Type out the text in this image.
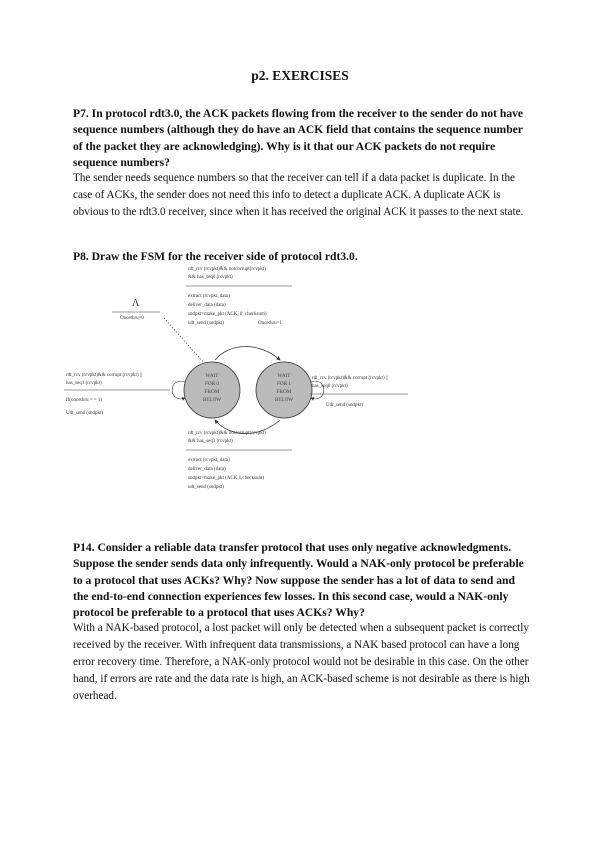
p2. EXERCISES

P7. In protocol rdt3.0, the ACK packets flowing from the receiver to the sender do not have sequence numbers (although they do have an ACK field that contains the sequence number of the packet they are acknowledging). Why is it that our ACK packets do not require sequence numbers?

The sender needs sequence numbers so that the receiver can tell if a data packet is duplicate. In the case of ACKs, the sender does not need this info to detect a duplicate ACK. A duplicate ACK is obvious to the rdt3.0 receiver, since when it has received the original ACK it passes to the next state.

P8. Draw the FSM for the receiver side of protocol rdt3.0.

Λ
Oncethru=0
rdt_rcv (rcvpkt)&& notcorrupt(rcvpkt)
&& has_seq0 (rcvpkt)
extract (rcvpkt, data)
deliver_data (data)
sndpkt=make_pkt (ACK, 0, checksum)
udt_send (sndpkt)	Oncethru=1
WAIT
FOR 0
FROM
BELOW
WAIT
FOR 1
FROM
BELOW
rdt_rcv (rcvpkt)&& corrupt (rcvpkt) ||
has_seq1 (rcvpkt)
If(oncethru = = 1)
Udt_send (sndpkt)
rdt_rcv (rcvpkt)&& corrupt (rcvpkt) ||
has_seq0 (rcvpkt)
Udt_send (sndpkt)
rdt_rcv (rcvpkt)&& notcorrupt(rcvpkt)
&& has_seq1 (rcvpkt)
extract (rcvpkt, data)
deliver_data (data)
sndpkt=make_pkt (ACK,1,checksum)
udt_send (sndpkt)

P14. Consider a reliable data transfer protocol that uses only negative acknowledgments. Suppose the sender sends data only infrequently. Would a NAK-only protocol be preferable to a protocol that uses ACKs? Why? Now suppose the sender has a lot of data to send and the end-to-end connection experiences few losses. In this second case, would a NAK-only protocol be preferable to a protocol that uses ACKs? Why?

With a NAK-based protocol, a lost packet will only be detected when a subsequent packet is correctly received by the receiver. With infrequent data transmissions, a NAK based protocol can have a long error recovery time. Therefore, a NAK-only protocol would not be desirable in this case. On the other hand, if errors are rate and the data rate is high, an ACK-based scheme is not desirable as there is high overhead.
